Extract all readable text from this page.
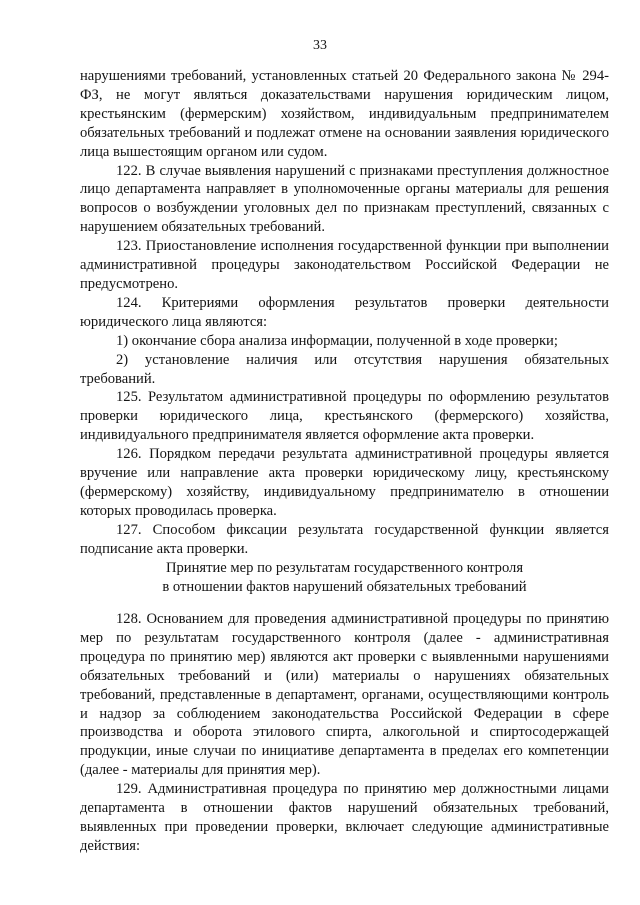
33

нарушениями требований, установленных статьей 20 Федерального закона № 294-ФЗ, не могут являться доказательствами нарушения юридическим лицом, крестьянским (фермерским) хозяйством, индивидуальным предпринимателем обязательных требований и подлежат отмене на основании заявления юридического лица вышестоящим органом или судом.

122. В случае выявления нарушений с признаками преступления должностное лицо департамента направляет в уполномоченные органы материалы для решения вопросов о возбуждении уголовных дел по признакам преступлений, связанных с нарушением обязательных требований.

123. Приостановление исполнения государственной функции при выполнении административной процедуры законодательством Российской Федерации не предусмотрено.

124. Критериями оформления результатов проверки деятельности юридического лица являются:

1) окончание сбора анализа информации, полученной в ходе проверки;

2) установление наличия или отсутствия нарушения обязательных требований.

125. Результатом административной процедуры по оформлению результатов проверки юридического лица, крестьянского (фермерского) хозяйства, индивидуального предпринимателя является оформление акта проверки.

126. Порядком передачи результата административной процедуры является вручение или направление акта проверки юридическому лицу, крестьянскому (фермерскому) хозяйству, индивидуальному предпринимателю в отношении которых проводилась проверка.

127. Способом фиксации результата государственной функции является подписание акта проверки.

Принятие мер по результатам государственного контроля
в отношении фактов нарушений обязательных требований

128. Основанием для проведения административной процедуры по принятию мер по результатам государственного контроля (далее - административная процедура по принятию мер) являются акт проверки с выявленными нарушениями обязательных требований и (или) материалы о нарушениях обязательных требований, представленные в департамент, органами, осуществляющими контроль и надзор за соблюдением законодательства Российской Федерации в сфере производства и оборота этилового спирта, алкогольной и спиртосодержащей продукции, иные случаи по инициативе департамента в пределах его компетенции (далее - материалы для принятия мер).

129. Административная процедура по принятию мер должностными лицами департамента в отношении фактов нарушений обязательных требований, выявленных при проведении проверки, включает следующие административные действия:
